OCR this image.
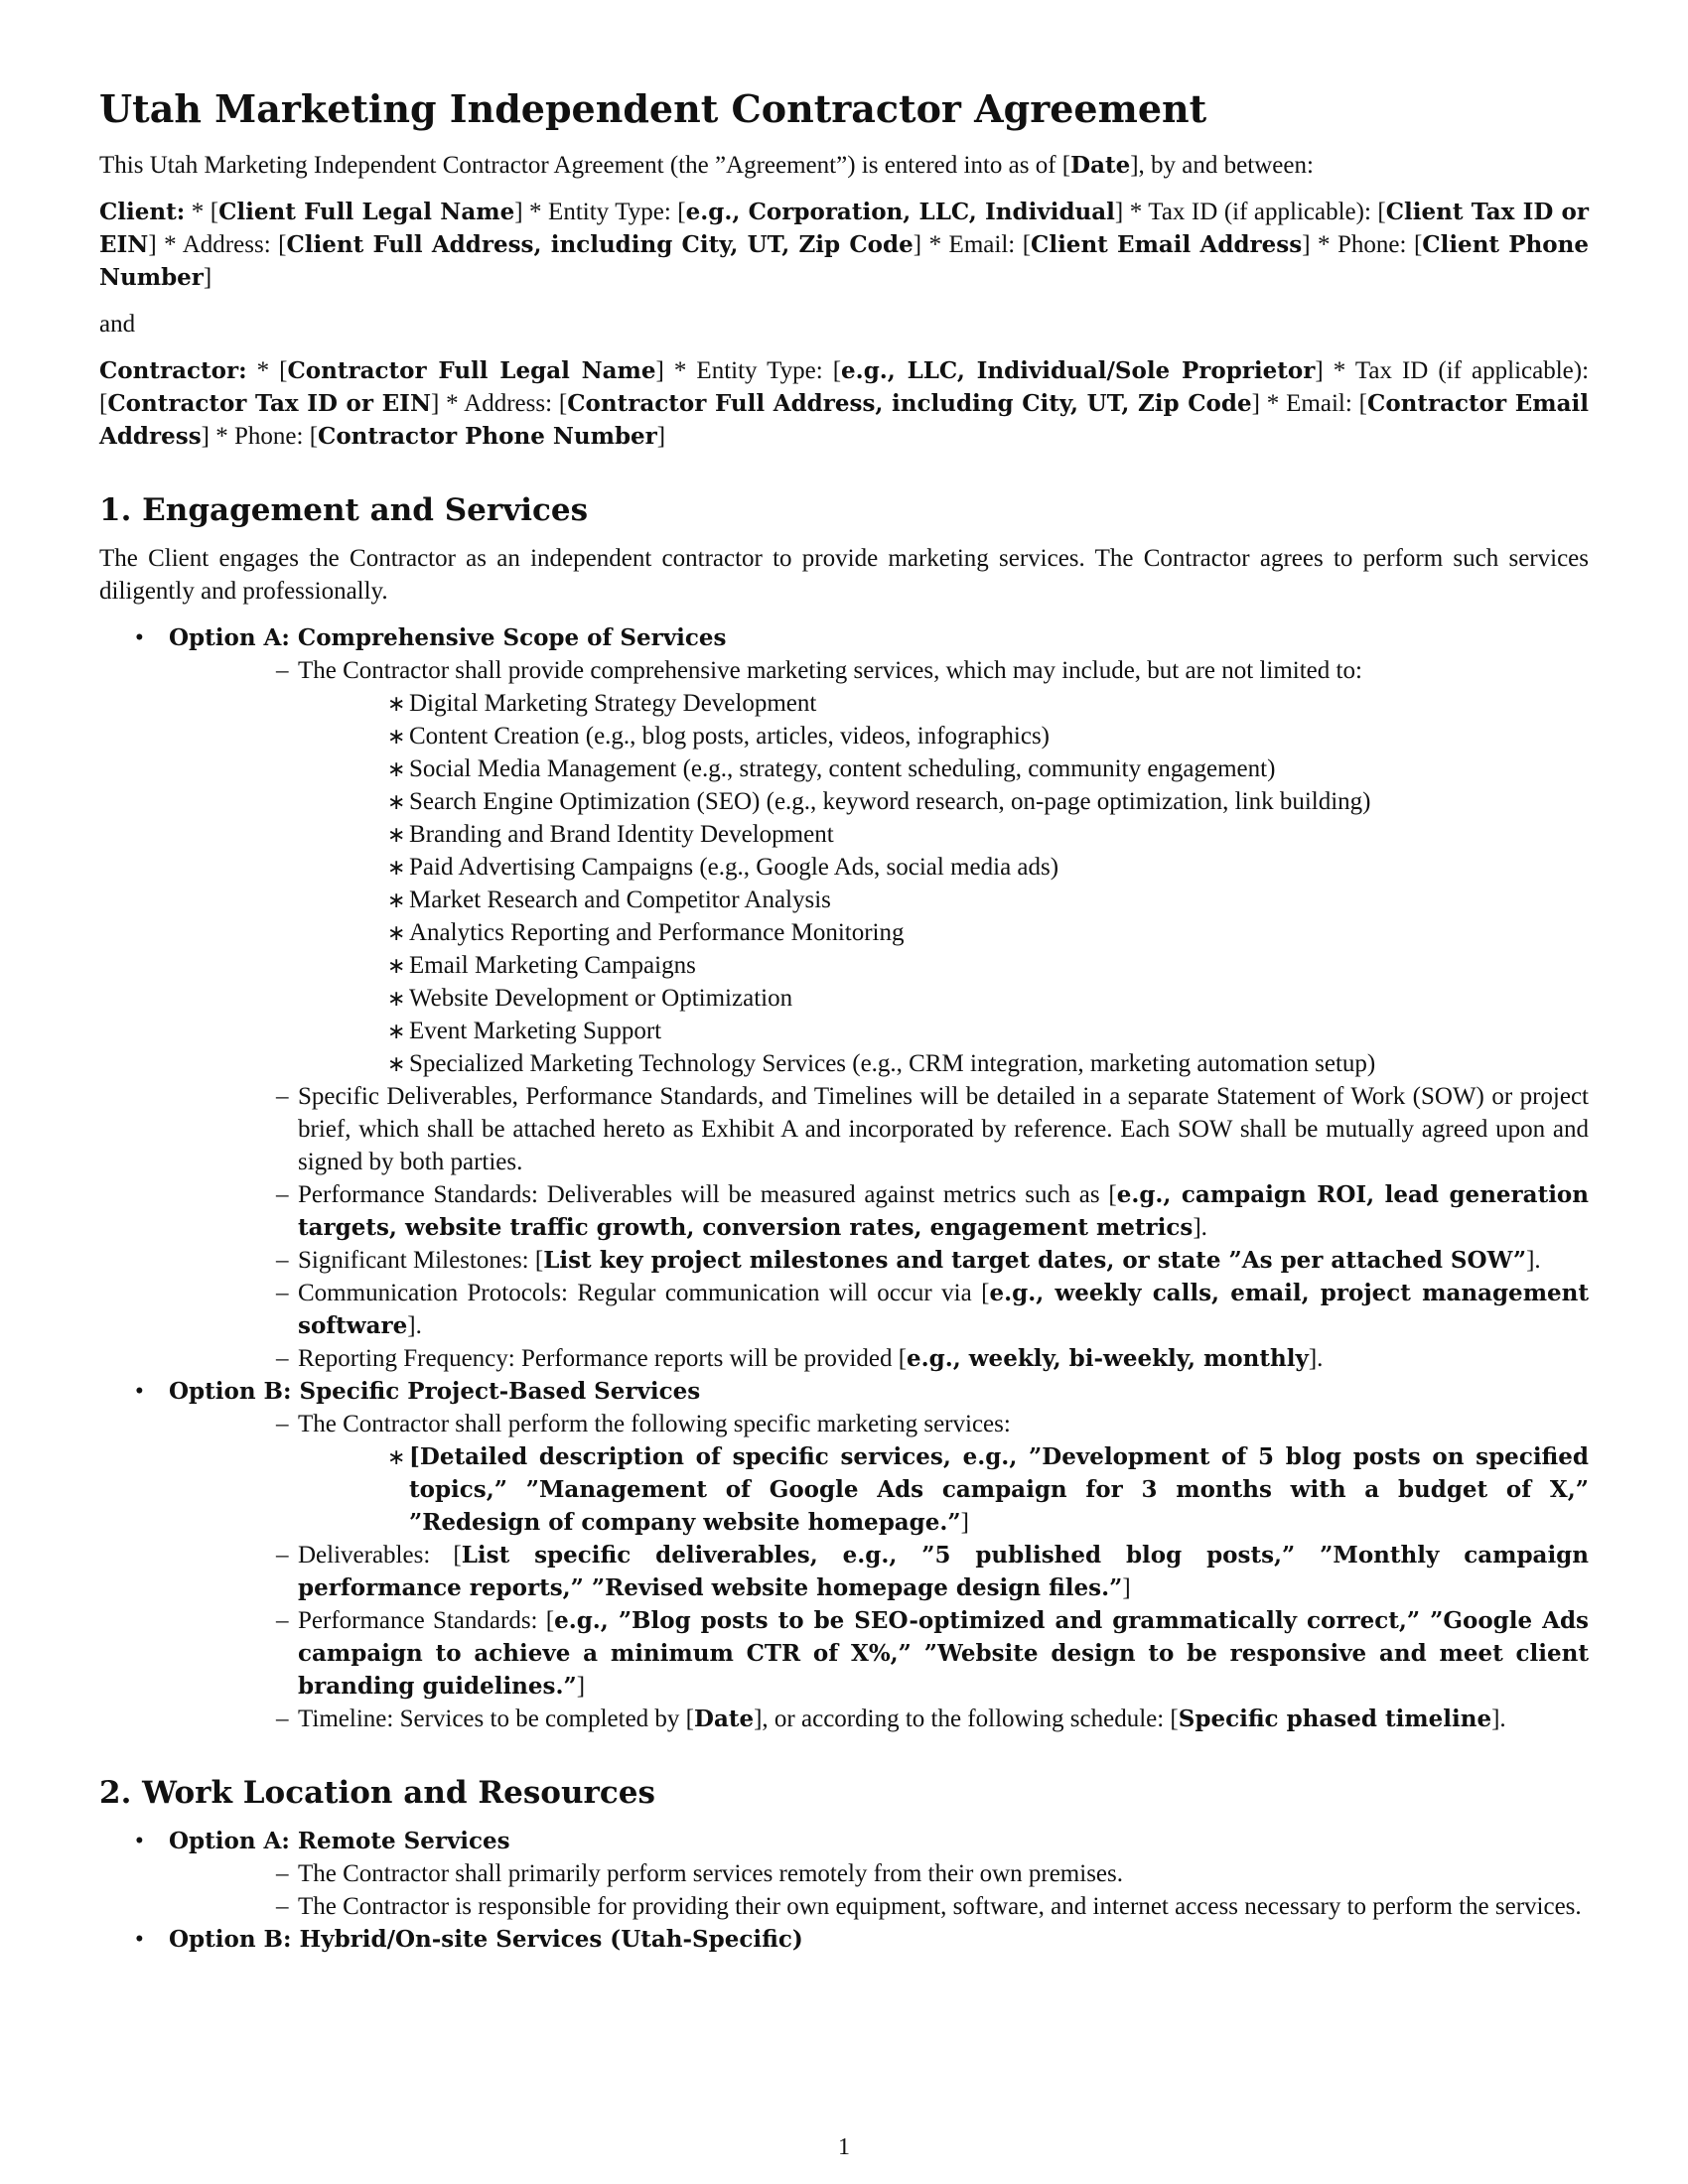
Utah Marketing Independent Contractor Agreement

This Utah Marketing Independent Contractor Agreement (the ”Agreement”) is entered into as of [Date], by and between:

Client: * [Client Full Legal Name] * Entity Type: [e.g., Corporation, LLC, Individual] * Tax ID (if applicable): [Client Tax ID or EIN] * Address: [Client Full Address, including City, UT, Zip Code] * Email: [Client Email Address] * Phone: [Client Phone Number]

and

Contractor: * [Contractor Full Legal Name] * Entity Type: [e.g., LLC, Individual/Sole Proprietor] * Tax ID (if applicable): [Contractor Tax ID or EIN] * Address: [Contractor Full Address, including City, UT, Zip Code] * Email: [Contractor Email Address] * Phone: [Contractor Phone Number]

1. Engagement and Services

The Client engages the Contractor as an independent contractor to provide marketing services. The Contractor agrees to perform such services diligently and professionally.

• Option A: Comprehensive Scope of Services
– The Contractor shall provide comprehensive marketing services, which may include, but are not limited to:
∗ Digital Marketing Strategy Development
∗ Content Creation (e.g., blog posts, articles, videos, infographics)
∗ Social Media Management (e.g., strategy, content scheduling, community engagement)
∗ Search Engine Optimization (SEO) (e.g., keyword research, on-page optimization, link building)
∗ Branding and Brand Identity Development
∗ Paid Advertising Campaigns (e.g., Google Ads, social media ads)
∗ Market Research and Competitor Analysis
∗ Analytics Reporting and Performance Monitoring
∗ Email Marketing Campaigns
∗ Website Development or Optimization
∗ Event Marketing Support
∗ Specialized Marketing Technology Services (e.g., CRM integration, marketing automation setup)
– Specific Deliverables, Performance Standards, and Timelines will be detailed in a separate Statement of Work (SOW) or project brief, which shall be attached hereto as Exhibit A and incorporated by reference. Each SOW shall be mutually agreed upon and signed by both parties.
– Performance Standards: Deliverables will be measured against metrics such as [e.g., campaign ROI, lead generation targets, website traffic growth, conversion rates, engagement metrics].
– Significant Milestones: [List key project milestones and target dates, or state ”As per attached SOW”].
– Communication Protocols: Regular communication will occur via [e.g., weekly calls, email, project management software].
– Reporting Frequency: Performance reports will be provided [e.g., weekly, bi-weekly, monthly].
• Option B: Specific Project-Based Services
– The Contractor shall perform the following specific marketing services:
∗ [Detailed description of specific services, e.g., ”Development of 5 blog posts on specified topics,” ”Management of Google Ads campaign for 3 months with a budget of X,” ”Redesign of company website homepage.”]
– Deliverables: [List specific deliverables, e.g., ”5 published blog posts,” ”Monthly campaign performance reports,” ”Revised website homepage design files.”]
– Performance Standards: [e.g., ”Blog posts to be SEO-optimized and grammatically correct,” ”Google Ads campaign to achieve a minimum CTR of X%,” ”Website design to be responsive and meet client branding guidelines.”]
– Timeline: Services to be completed by [Date], or according to the following schedule: [Specific phased timeline].
2. Work Location and Resources
• Option A: Remote Services
– The Contractor shall primarily perform services remotely from their own premises.
– The Contractor is responsible for providing their own equipment, software, and internet access necessary to perform the services.
• Option B: Hybrid/On-site Services (Utah-Specific)
1
